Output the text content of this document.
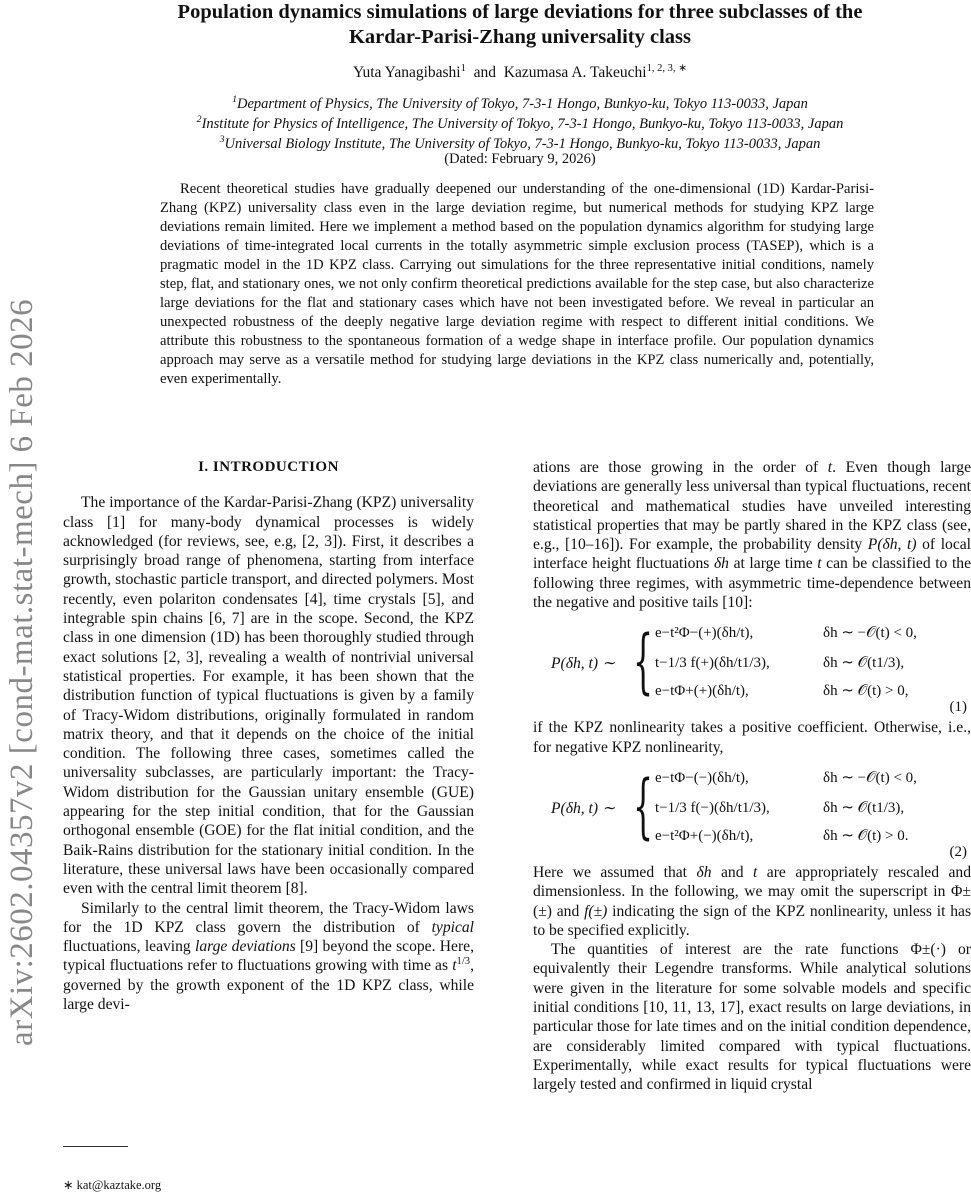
arXiv:2602.04357v2 [cond-mat.stat-mech] 6 Feb 2026
Population dynamics simulations of large deviations for three subclasses of the
Kardar-Parisi-Zhang universality class
Yuta Yanagibashi$^1$ and Kazumasa A. Takeuchi$^{1, 2, 3, ∗}$
$^1$Department of Physics, The University of Tokyo, 7-3-1 Hongo, Bunkyo-ku, Tokyo 113-0033, Japan
$^2$Institute for Physics of Intelligence, The University of Tokyo, 7-3-1 Hongo, Bunkyo-ku, Tokyo 113-0033, Japan
$^3$Universal Biology Institute, The University of Tokyo, 7-3-1 Hongo, Bunkyo-ku, Tokyo 113-0033, Japan
(Dated: February 9, 2026)

Recent theoretical studies have gradually deepened our understanding of the one-dimensional (1D) Kardar-Parisi-Zhang (KPZ) universality class even in the large deviation regime, but numerical methods for studying KPZ large deviations remain limited. Here we implement a method based on the population dynamics algorithm for studying large deviations of time-integrated local currents in the totally asymmetric simple exclusion process (TASEP), which is a pragmatic model in the 1D KPZ class. Carrying out simulations for the three representative initial conditions, namely step, flat, and stationary ones, we not only confirm theoretical predictions available for the step case, but also characterize large deviations for the flat and stationary cases which have not been investigated before. We reveal in particular an unexpected robustness of the deeply negative large deviation regime with respect to different initial conditions. We attribute this robustness to the spontaneous formation of a wedge shape in interface profile. Our population dynamics approach may serve as a versatile method for studying large deviations in the KPZ class numerically and, potentially, even experimentally.

I. INTRODUCTION

The importance of the Kardar-Parisi-Zhang (KPZ) universality class [1] for many-body dynamical processes is widely acknowledged (for reviews, see, e.g, [2, 3]). First, it describes a surprisingly broad range of phenomena, starting from interface growth, stochastic particle transport, and directed polymers. Most recently, even polariton condensates [4], time crystals [5], and integrable spin chains [6, 7] are in the scope. Second, the KPZ class in one dimension (1D) has been thoroughly studied through exact solutions [2, 3], revealing a wealth of nontrivial universal statistical properties. For example, it has been shown that the distribution function of typical fluctuations is given by a family of Tracy-Widom distributions, originally formulated in random matrix theory, and that it depends on the choice of the initial condition. The following three cases, sometimes called the universality subclasses, are particularly important: the Tracy-Widom distribution for the Gaussian unitary ensemble (GUE) appearing for the step initial condition, that for the Gaussian orthogonal ensemble (GOE) for the flat initial condition, and the Baik-Rains distribution for the stationary initial condition. In the literature, these universal laws have been occasionally compared even with the central limit theorem [8].

Similarly to the central limit theorem, the Tracy-Widom laws for the 1D KPZ class govern the distribution of typical fluctuations, leaving large deviations [9] beyond the scope. Here, typical fluctuations refer to fluctuations growing with time as $t^{1/3}$, governed by the growth exponent of the 1D KPZ class, while large devi-

∗ kat@kaztake.org

ations are those growing in the order of t. Even though large deviations are generally less universal than typical fluctuations, recent theoretical and mathematical studies have unveiled interesting statistical properties that may be partly shared in the KPZ class (see, e.g., [10–16]). For example, the probability density P(δh, t) of local interface height fluctuations δh at large time t can be classified to the following three regimes, with asymmetric time-dependence between the negative and positive tails [10]:

P(δh, t) ∼ { e−t²Φ−(+)(δh/t),	δh ∼ −𝒪(t) < 0,
t−1/3 f(+)(δh/t1/3),	δh ∼ 𝒪(t1/3),
e−tΦ+(+)(δh/t),	δh ∼ 𝒪(t) > 0,
(1)

if the KPZ nonlinearity takes a positive coefficient. Otherwise, i.e., for negative KPZ nonlinearity,

P(δh, t) ∼ { e−tΦ−(−)(δh/t),	δh ∼ −𝒪(t) < 0,
t−1/3 f(−)(δh/t1/3),	δh ∼ 𝒪(t1/3),
e−t²Φ+(−)(δh/t),	δh ∼ 𝒪(t) > 0.
(2)

Here we assumed that δh and t are appropriately rescaled and dimensionless. In the following, we may omit the superscript in Φ±(±) and f(±) indicating the sign of the KPZ nonlinearity, unless it has to be specified explicitly.

The quantities of interest are the rate functions Φ±(·) or equivalently their Legendre transforms. While analytical solutions were given in the literature for some solvable models and specific initial conditions [10, 11, 13, 17], exact results on large deviations, in particular those for late times and on the initial condition dependence, are considerably limited compared with typical fluctuations. Experimentally, while exact results for typical fluctuations were largely tested and confirmed in liquid crystal
